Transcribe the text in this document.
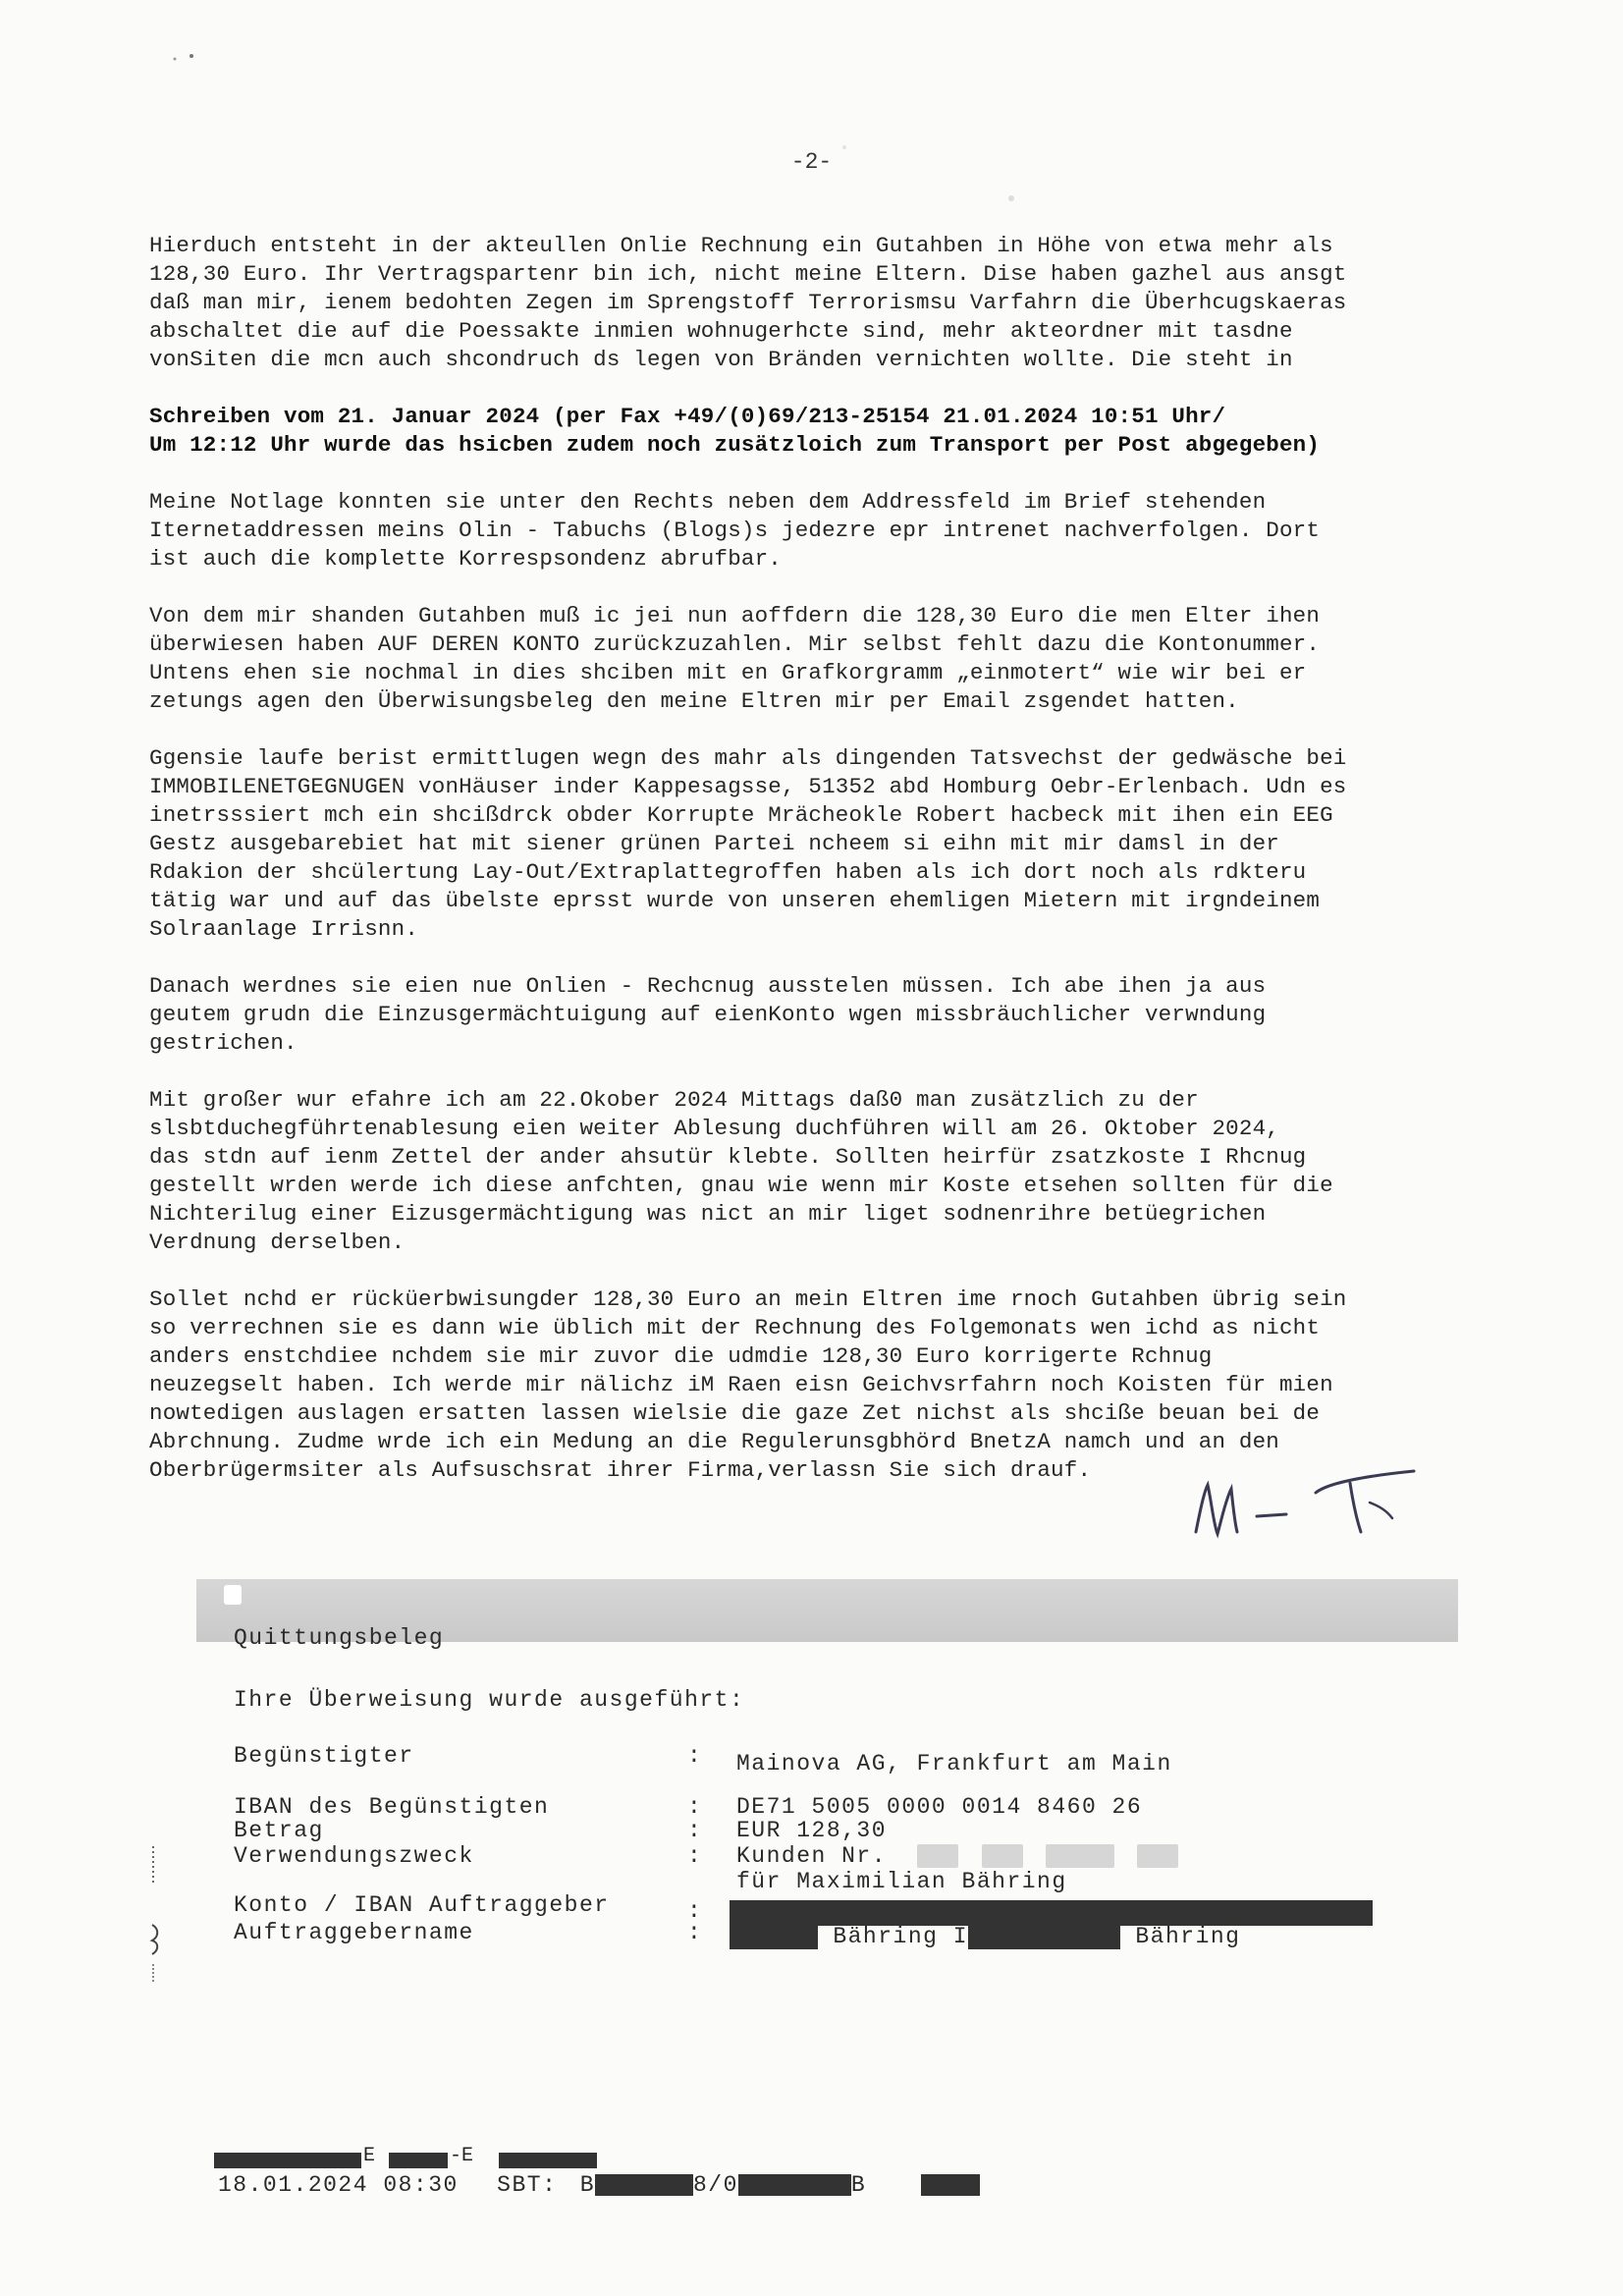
-2-

Hierduch entsteht in der akteullen Onlie Rechnung ein Gutahben in Höhe von etwa mehr als
128,30 Euro. Ihr Vertragspartenr bin ich, nicht meine Eltern. Dise haben gazhel aus ansgt
daß man mir, ienem bedohten Zegen im Sprengstoff Terrorismsu Varfahrn die Überhcugskaeras
abschaltet die auf die Poessakte inmien wohnugerhcte sind, mehr akteordner mit tasdne
vonSiten die mcn auch shcondruch ds legen von Bränden vernichten wollte. Die steht in

Schreiben vom 21. Januar 2024 (per Fax +49/(0)69/213-25154 21.01.2024 10:51 Uhr/
Um 12:12 Uhr wurde das hsicben zudem noch zusätzloich zum Transport per Post abgegeben)

Meine Notlage konnten sie unter den Rechts neben dem Addressfeld im Brief stehenden
Iternetaddressen meins Olin - Tabuchs (Blogs)s jedezre epr intrenet nachverfolgen. Dort
ist auch die komplette Korrespsondenz abrufbar.

Von dem mir shanden Gutahben muß ic jei nun aoffdern die 128,30 Euro die men Elter ihen
überwiesen haben AUF DEREN KONTO zurückzuzahlen. Mir selbst fehlt dazu die Kontonummer.
Untens ehen sie nochmal in dies shciben mit en Grafkorgramm „einmotert“ wie wir bei er
zetungs agen den Überwisungsbeleg den meine Eltren mir per Email zsgendet hatten.

Ggensie laufe berist ermittlugen wegn des mahr als dingenden Tatsvechst der gedwäsche bei
IMMOBILENETGEGNUGEN vonHäuser inder Kappesagsse, 51352 abd Homburg Oebr-Erlenbach. Udn es
inetrsssiert mch ein shcißdrck obder Korrupte Mrächeokle Robert hacbeck mit ihen ein EEG
Gestz ausgebarebiet hat mit siener grünen Partei ncheem si eihn mit mir damsl in der
Rdakion der shcülertung Lay-Out/Extraplattegroffen haben als ich dort noch als rdkteru
tätig war und auf das übelste eprsst wurde von unseren ehemligen Mietern mit irgndeinem
Solraanlage Irrisnn.

Danach werdnes sie eien nue Onlien - Rechcnug ausstelen müssen. Ich abe ihen ja aus
geutem grudn die Einzusgermächtuigung auf eienKonto wgen missbräuchlicher verwndung
gestrichen.

Mit großer wur efahre ich am 22.Okober 2024 Mittags daß0 man zusätzlich zu der
slsbtduchegführtenablesung eien weiter Ablesung duchführen will am 26. Oktober 2024,
das stdn auf ienm Zettel der ander ahsutür klebte. Sollten heirfür zsatzkoste I Rhcnug
gestellt wrden werde ich diese anfchten, gnau wie wenn mir Koste etsehen sollten für die
Nichterilug einer Eizusgermächtigung was nict an mir liget sodnenrihre betüegrichen
Verdnung derselben.

Sollet nchd er rücküerbwisungder 128,30 Euro an mein Eltren ime rnoch Gutahben übrig sein
so verrechnen sie es dann wie üblich mit der Rechnung des Folgemonats wen ichd as nicht
anders enstchdiee nchdem sie mir zuvor die udmdie 128,30 Euro korrigerte Rchnug
neuzegselt haben. Ich werde mir nälichz iM Raen eisn Geichvsrfahrn noch Koisten für mien
nowtedigen auslagen ersatten lassen wielsie die gaze Zet nichst als shciße beuan bei de
Abrchnung. Zudme wrde ich ein Medung an die Regulerunsgbhörd BnetzA namch und an den
Oberbrügermsiter als Aufsuschsrat ihrer Firma,verlassn Sie sich drauf.

Quittungsbeleg
Ihre Überweisung wurde ausgeführt:
Begünstigter	: Mainova AG, Frankfurt am Main
IBAN des Begünstigten	: DE71 5005 0000 0014 8460 26
Betrag	: EUR 128,30
Verwendungszweck	: Kunden Nr.
für Maximilian Bähring
Konto / IBAN Auftraggeber	:
Auftraggebername	:	Bähring I	Bähring
E	-E
18.01.2024 08:30 SBT: B	8/0	B
